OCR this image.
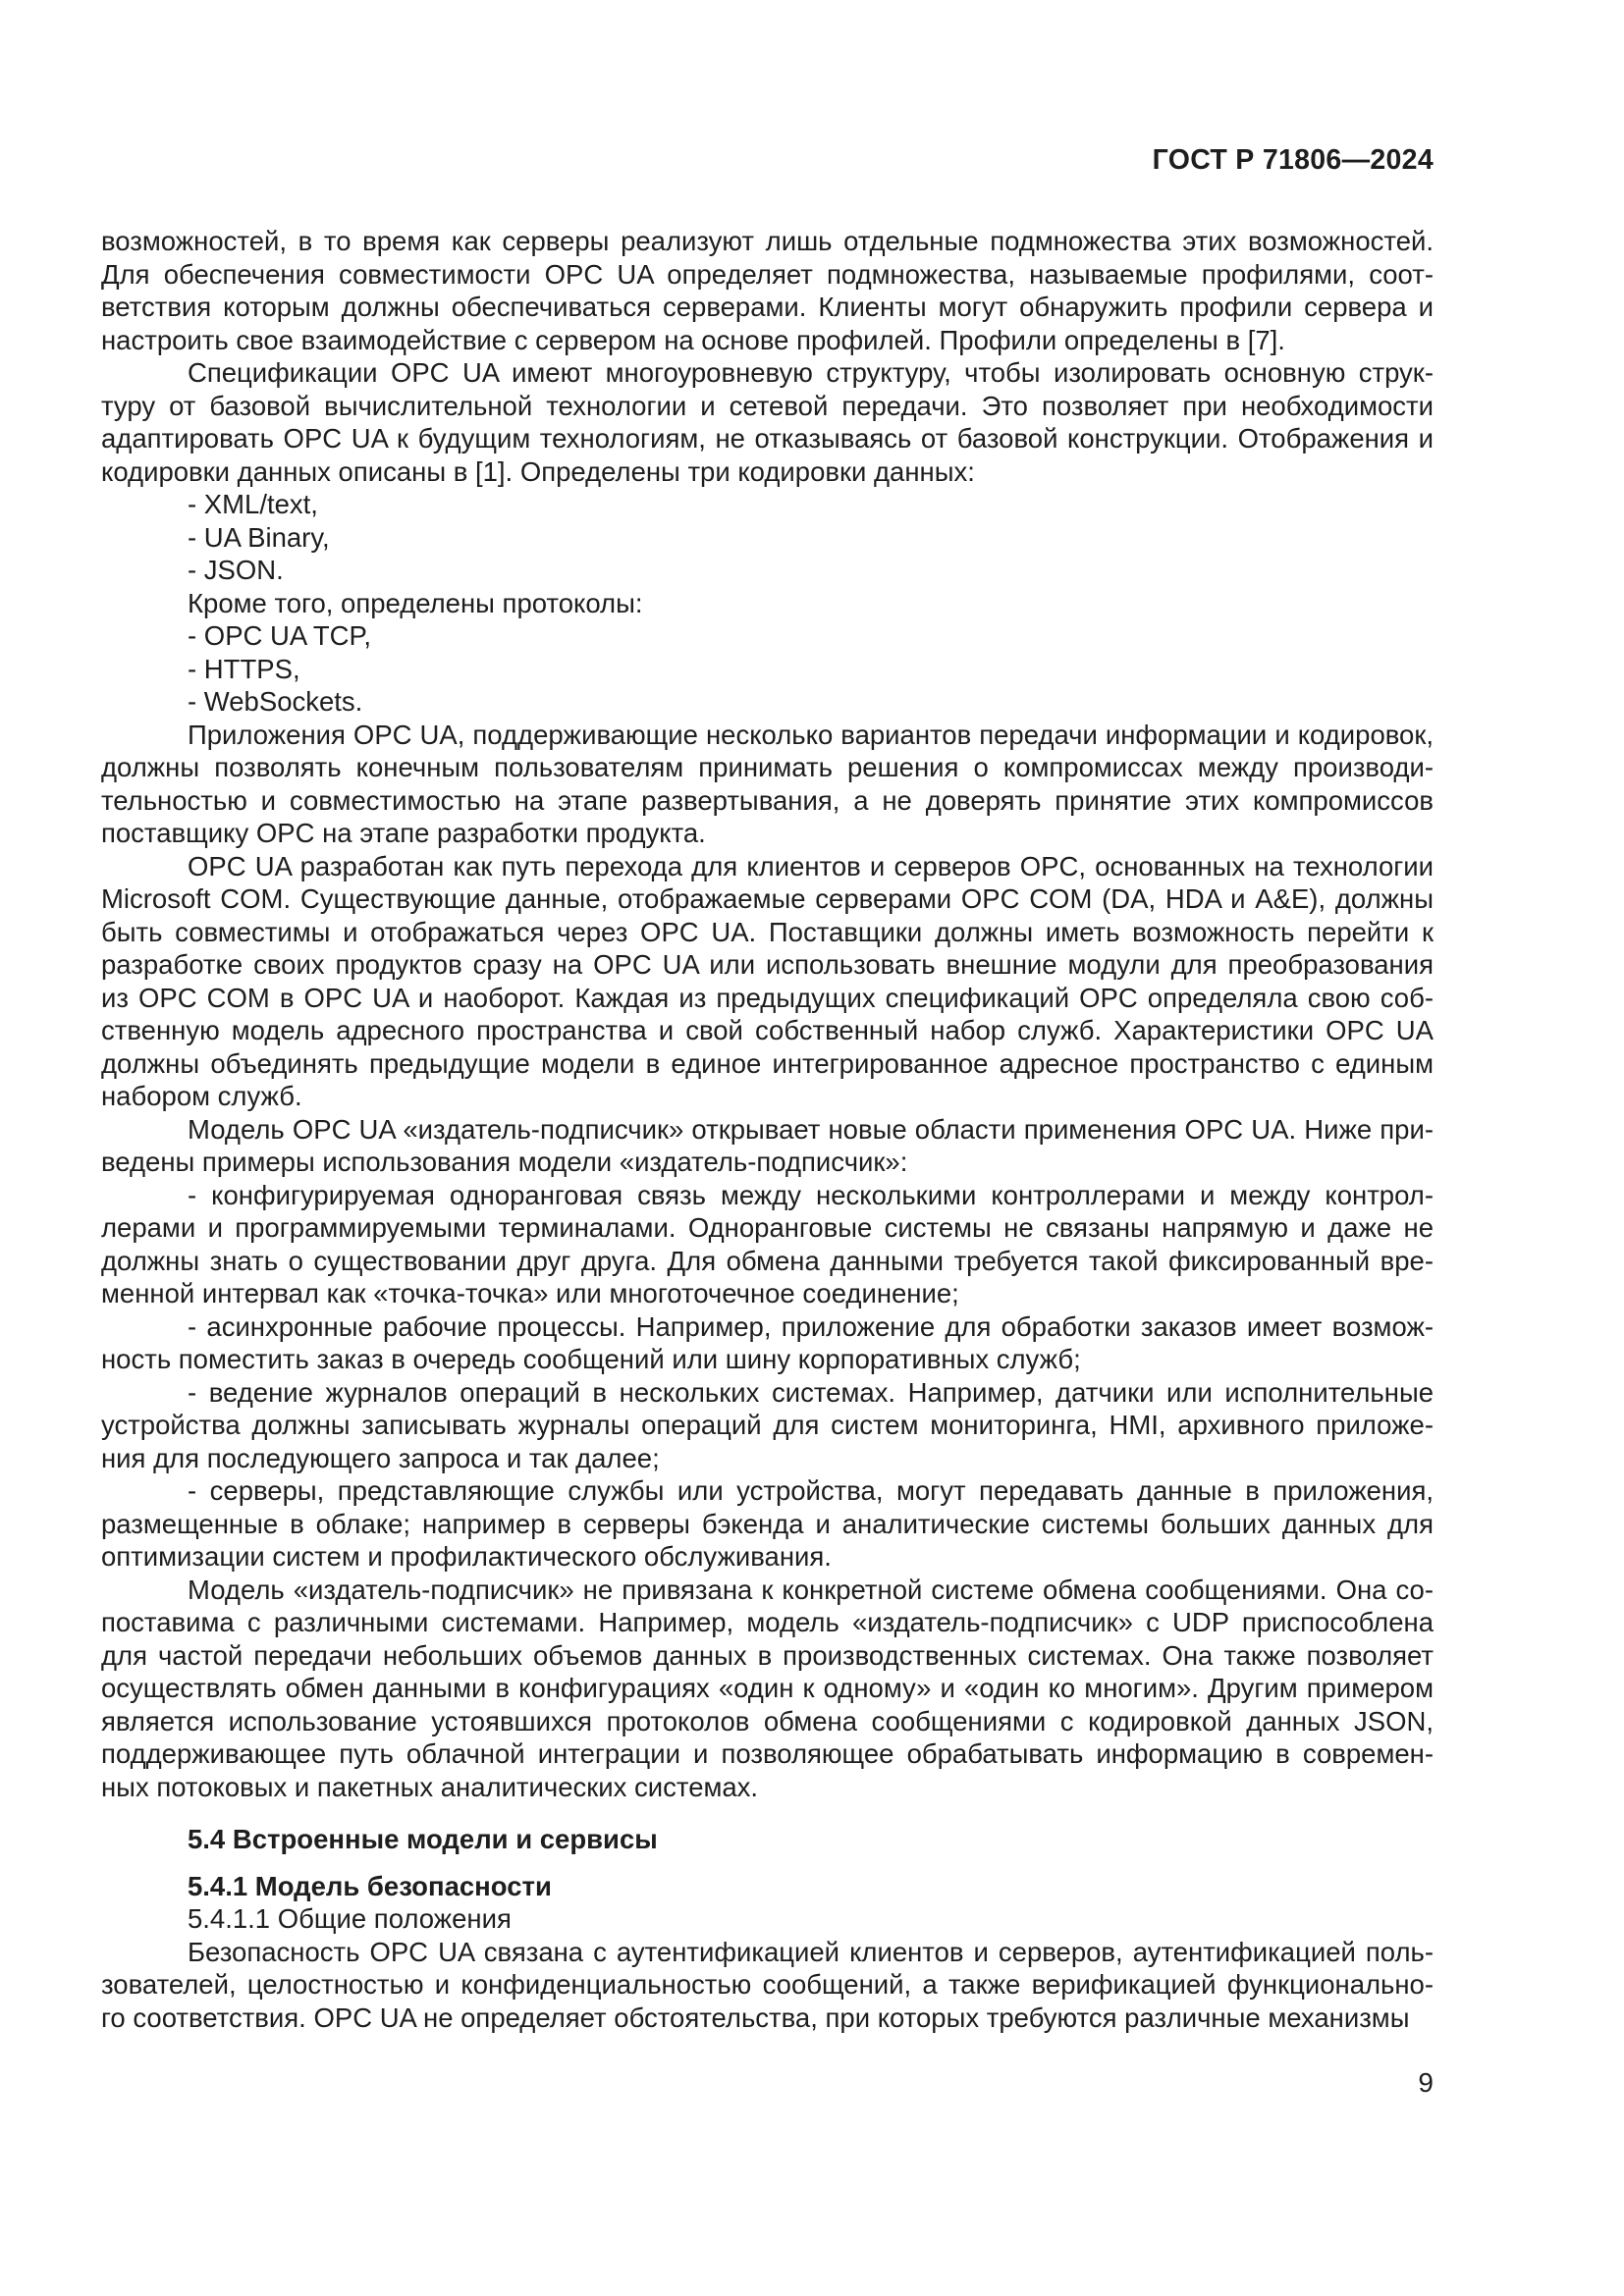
ГОСТ Р 71806—2024
возможностей, в то время как серверы реализуют лишь отдельные подмножества этих возможностей.
Для обеспечения совместимости OPC UA определяет подмножества, называемые профилями, соот-
ветствия которым должны обеспечиваться серверами. Клиенты могут обнаружить профили сервера и
настроить свое взаимодействие с сервером на основе профилей. Профили определены в [7].
Спецификации OPC UA имеют многоуровневую структуру, чтобы изолировать основную струк-
туру от базовой вычислительной технологии и сетевой передачи. Это позволяет при необходимости
адаптировать OPC UA к будущим технологиям, не отказываясь от базовой конструкции. Отображения и
кодировки данных описаны в [1]. Определены три кодировки данных:
- XML/text,
- UA Binary,
- JSON.
Кроме того, определены протоколы:
- OPC UA TCP,
- HTTPS,
- WebSockets.
Приложения OPC UA, поддерживающие несколько вариантов передачи информации и кодировок,
должны позволять конечным пользователям принимать решения о компромиссах между производи-
тельностью и совместимостью на этапе развертывания, а не доверять принятие этих компромиссов
поставщику OPC на этапе разработки продукта.
OPC UA разработан как путь перехода для клиентов и серверов OPC, основанных на технологии
Microsoft COM. Существующие данные, отображаемые серверами OPC COM (DA, HDA и A&E), должны
быть совместимы и отображаться через OPC UA. Поставщики должны иметь возможность перейти к
разработке своих продуктов сразу на OPC UA или использовать внешние модули для преобразования
из OPC COM в OPC UA и наоборот. Каждая из предыдущих спецификаций OPC определяла свою соб-
ственную модель адресного пространства и свой собственный набор служб. Характеристики OPC UA
должны объединять предыдущие модели в единое интегрированное адресное пространство с единым
набором служб.
Модель OPC UA «издатель-подписчик» открывает новые области применения OPC UA. Ниже при-
ведены примеры использования модели «издатель-подписчик»:
- конфигурируемая одноранговая связь между несколькими контроллерами и между контрол-
лерами и программируемыми терминалами. Одноранговые системы не связаны напрямую и даже не
должны знать о существовании друг друга. Для обмена данными требуется такой фиксированный вре-
менной интервал как «точка-точка» или многоточечное соединение;
- асинхронные рабочие процессы. Например, приложение для обработки заказов имеет возмож-
ность поместить заказ в очередь сообщений или шину корпоративных служб;
- ведение журналов операций в нескольких системах. Например, датчики или исполнительные
устройства должны записывать журналы операций для систем мониторинга, HMI, архивного приложе-
ния для последующего запроса и так далее;
- серверы, представляющие службы или устройства, могут передавать данные в приложения,
размещенные в облаке; например в серверы бэкенда и аналитические системы больших данных для
оптимизации систем и профилактического обслуживания.
Модель «издатель-подписчик» не привязана к конкретной системе обмена сообщениями. Она со-
поставима с различными системами. Например, модель «издатель-подписчик» с UDP приспособлена
для частой передачи небольших объемов данных в производственных системах. Она также позволяет
осуществлять обмен данными в конфигурациях «один к одному» и «один ко многим». Другим примером
является использование устоявшихся протоколов обмена сообщениями с кодировкой данных JSON,
поддерживающее путь облачной интеграции и позволяющее обрабатывать информацию в современ-
ных потоковых и пакетных аналитических системах.
5.4 Встроенные модели и сервисы
5.4.1 Модель безопасности
5.4.1.1 Общие положения
Безопасность OPC UA связана с аутентификацией клиентов и серверов, аутентификацией поль-
зователей, целостностью и конфиденциальностью сообщений, а также верификацией функционально-
го соответствия. OPC UA не определяет обстоятельства, при которых требуются различные механизмы
9
